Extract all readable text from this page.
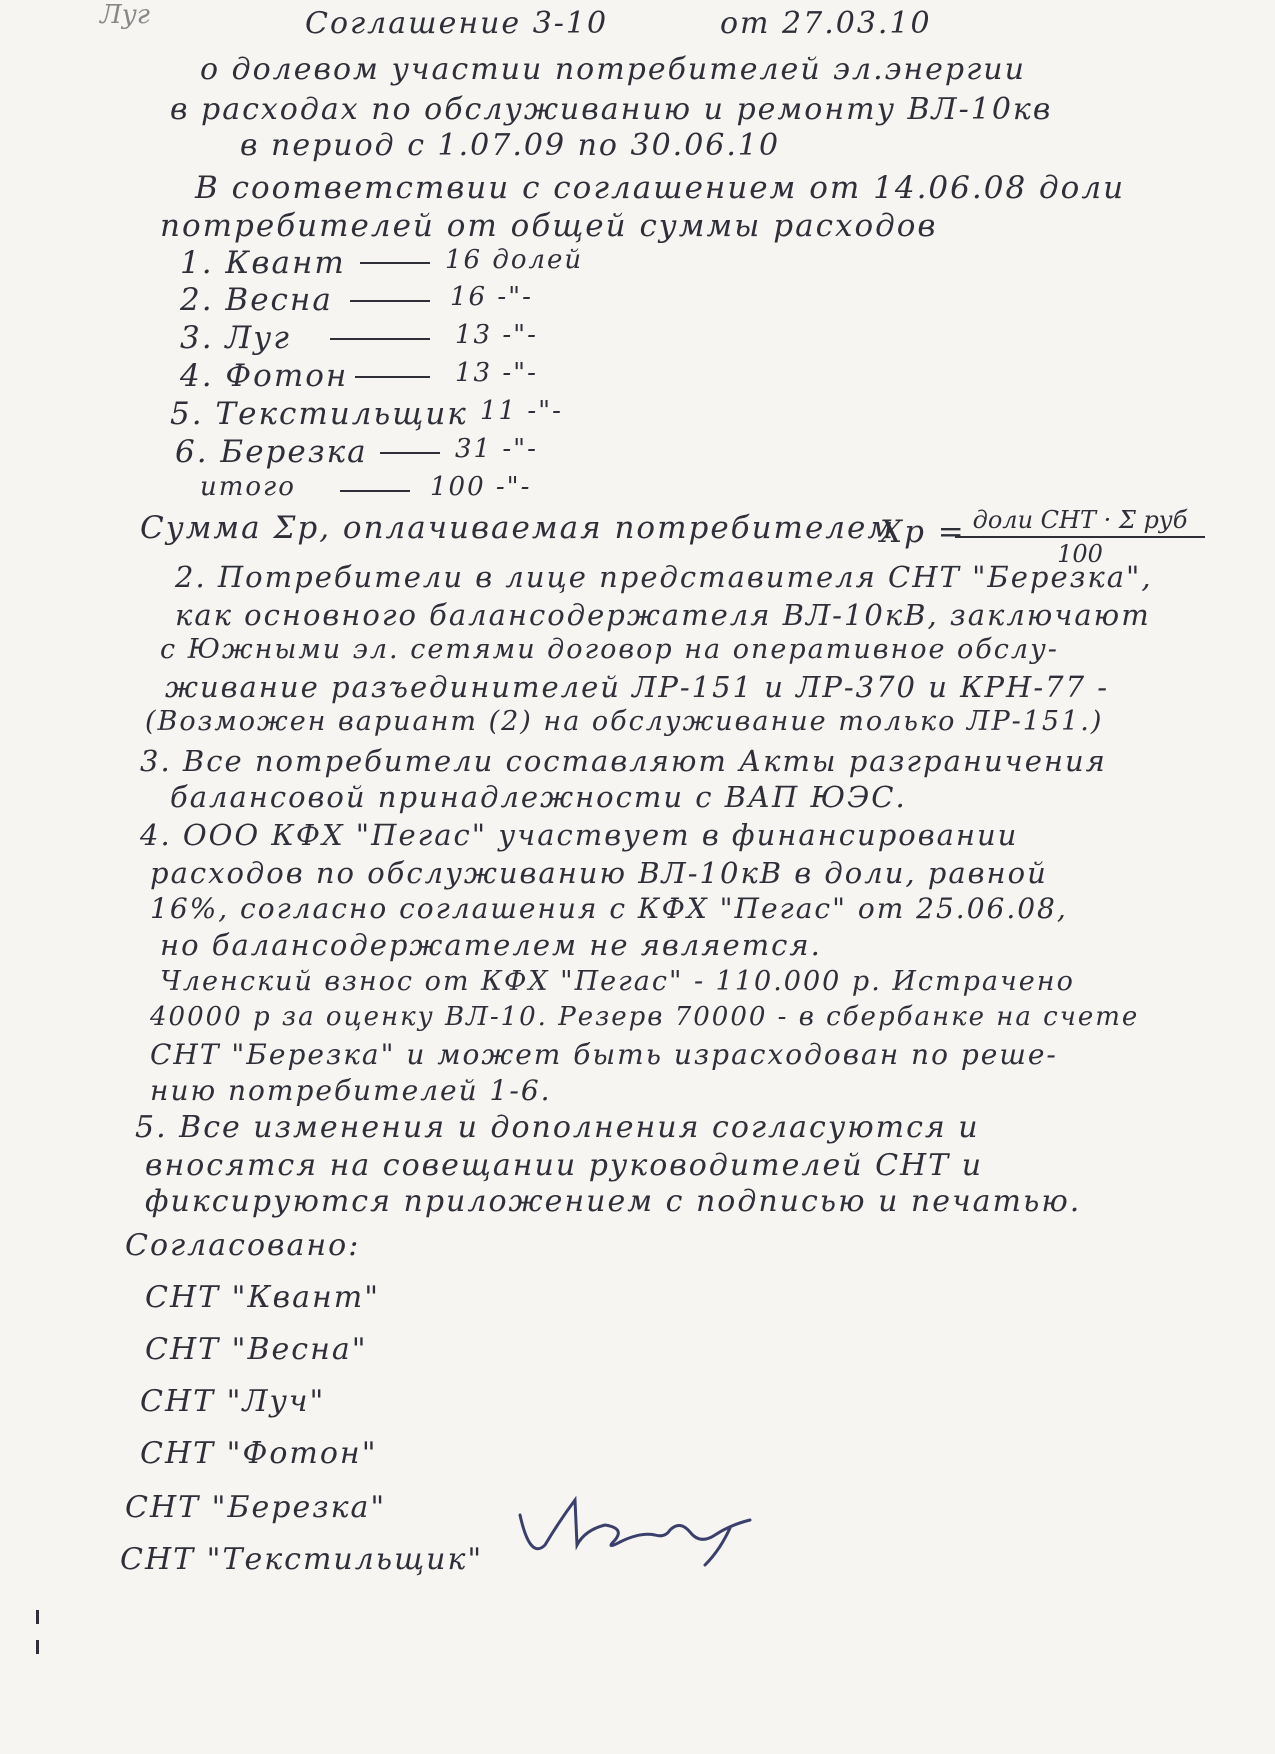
Луг	Соглашение 3-10	от 27.03.10
о долевом участии потребителей эл.энергии
в расходах по обслуживанию и ремонту ВЛ-10кв
в период с 1.07.09 по 30.06.10
В соответствии с соглашением от 14.06.08 доли
потребителей от общей суммы расходов
1. Квант	16 долей
2. Весна	16 -"-
3. Луг	13 -"-
4. Фотон	13 -"-
5. Текстильщик 11 -"-
6. Березка	31 -"-
итого	100 -"-
Сумма Σр, оплачиваемая потребителем
Хр = доли СНТ · Σ руб
100
2. Потребители в лице представителя СНТ "Березка",
как основного балансодержателя ВЛ-10кВ, заключают
с Южными эл. сетями договор на оперативное обслу-
живание разъединителей ЛР-151 и ЛР-370 и КРН-77 -
(Возможен вариант (2) на обслуживание только ЛР-151.)
3. Все потребители составляют Акты разграничения
балансовой принадлежности с ВАП ЮЭС.
4. ООО КФХ "Пегас" участвует в финансировании
расходов по обслуживанию ВЛ-10кВ в доли, равной
16%, согласно соглашения с КФХ "Пегас" от 25.06.08,
но балансодержателем не является.
Членский взнос от КФХ "Пегас" - 110.000 р. Истрачено
40000 р за оценку ВЛ-10. Резерв 70000 - в сбербанке на счете
СНТ "Березка" и может быть израсходован по реше-
нию потребителей 1-6.
5. Все изменения и дополнения согласуются и
вносятся на совещании руководителей СНТ и
фиксируются приложением с подписью и печатью.
Согласовано:
СНТ "Квант"
СНТ "Весна"
СНТ "Луч"
СНТ "Фотон"
СНТ "Березка"
СНТ "Текстильщик"
